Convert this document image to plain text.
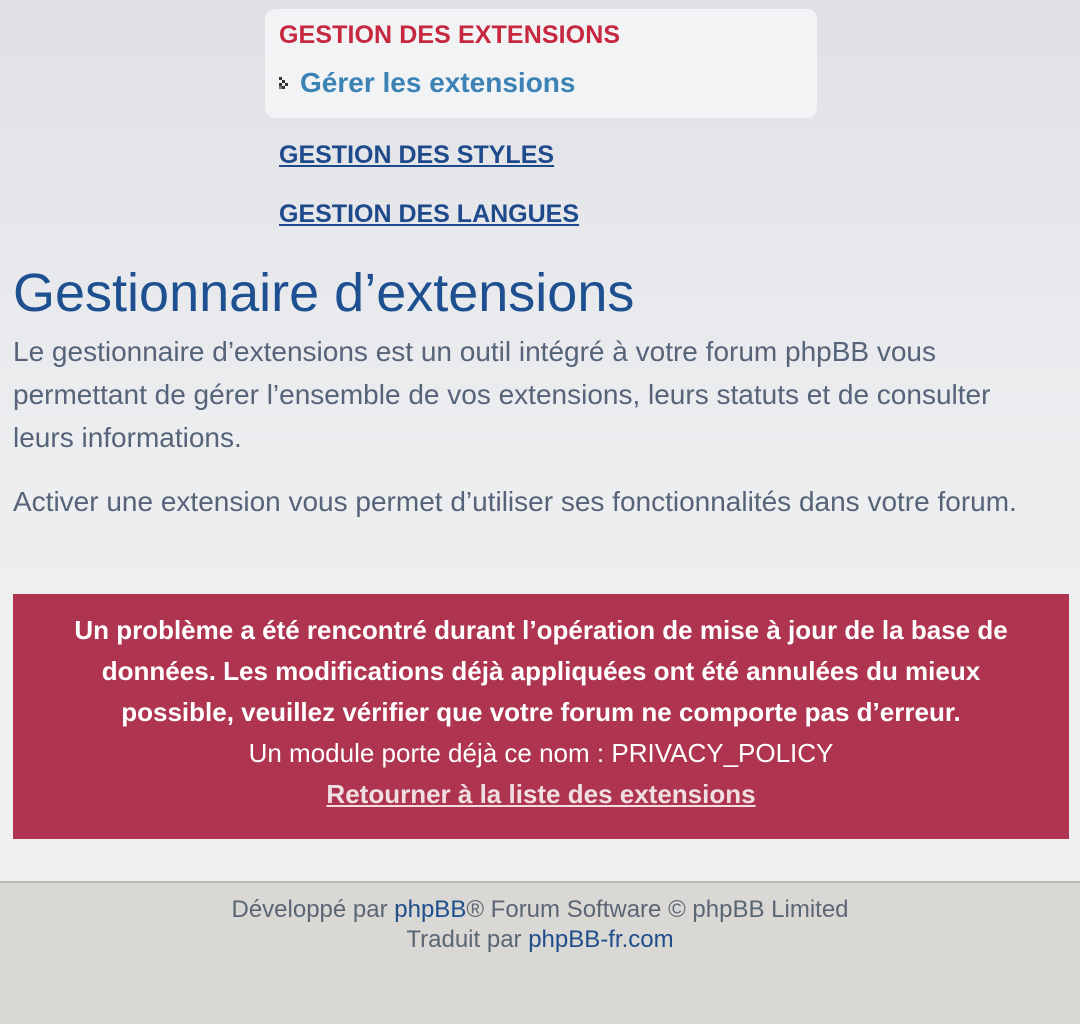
GESTION DES EXTENSIONS
Gérer les extensions
GESTION DES STYLES
GESTION DES LANGUES
Gestionnaire d’extensions

Le gestionnaire d’extensions est un outil intégré à votre forum phpBB vous permettant de gérer l’ensemble de vos extensions, leurs statuts et de consulter leurs informations.

Activer une extension vous permet d’utiliser ses fonctionnalités dans votre forum.

Un problème a été rencontré durant l’opération de mise à jour de la base de données. Les modifications déjà appliquées ont été annulées du mieux possible, veuillez vérifier que votre forum ne comporte pas d’erreur.
Un module porte déjà ce nom : PRIVACY_POLICY
Retourner à la liste des extensions
Développé par phpBB® Forum Software © phpBB Limited
Traduit par phpBB-fr.com
